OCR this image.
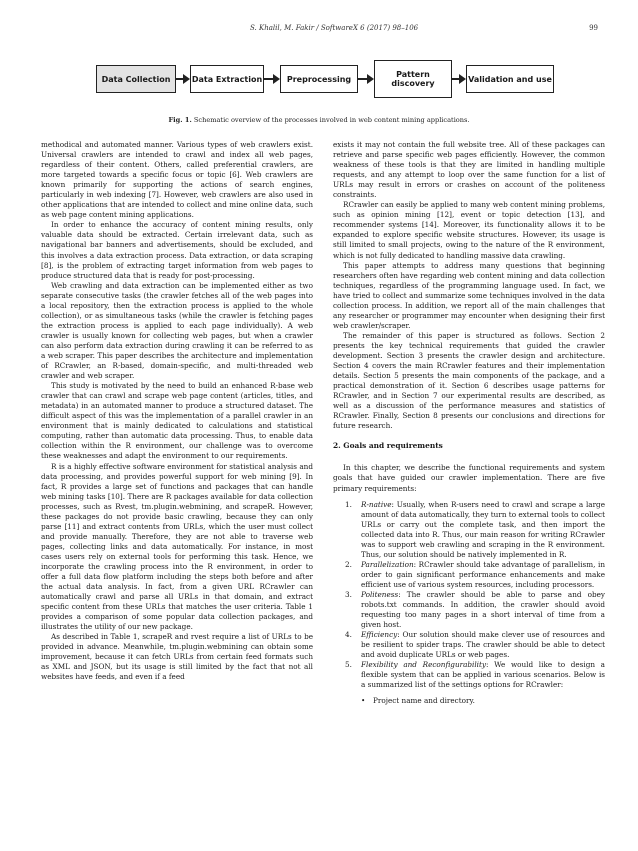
S. Khalil, M. Fakir / SoftwareX 6 (2017) 98–106	99
Data Collection	Data Extraction	Preprocessing	Pattern discovery	Validation and use
Fig. 1. Schematic overview of the processes involved in web content mining applications.

methodical and automated manner. Various types of web crawlers exist. Universal crawlers are intended to crawl and index all web pages, regardless of their content. Others, called preferential crawlers, are more targeted towards a specific focus or topic [6]. Web crawlers are known primarily for supporting the actions of search engines, particularly in web indexing [7]. However, web crawlers are also used in other applications that are intended to collect and mine online data, such as web page content mining applications.

In order to enhance the accuracy of content mining results, only valuable data should be extracted. Certain irrelevant data, such as navigational bar banners and advertisements, should be excluded, and this involves a data extraction process. Data extraction, or data scraping [8], is the problem of extracting target information from web pages to produce structured data that is ready for post-processing.

Web crawling and data extraction can be implemented either as two separate consecutive tasks (the crawler fetches all of the web pages into a local repository, then the extraction process is applied to the whole collection), or as simultaneous tasks (while the crawler is fetching pages the extraction process is applied to each page individually). A web crawler is usually known for collecting web pages, but when a crawler can also perform data extraction during crawling it can be referred to as a web scraper. This paper describes the architecture and implementation of RCrawler, an R-based, domain-specific, and multi-threaded web crawler and web scraper.

This study is motivated by the need to build an enhanced R-base web crawler that can crawl and scrape web page content (articles, titles, and metadata) in an automated manner to produce a structured dataset. The difficult aspect of this was the implementation of a parallel crawler in an environment that is mainly dedicated to calculations and statistical computing, rather than automatic data processing. Thus, to enable data collection within the R environment, our challenge was to overcome these weaknesses and adapt the environment to our requirements.

R is a highly effective software environment for statistical analysis and data processing, and provides powerful support for web mining [9]. In fact, R provides a large set of functions and packages that can handle web mining tasks [10]. There are R packages available for data collection processes, such as Rvest, tm.plugin.webmining, and scrapeR. However, these packages do not provide basic crawling, because they can only parse [11] and extract contents from URLs, which the user must collect and provide manually. Therefore, they are not able to traverse web pages, collecting links and data automatically. For instance, in most cases users rely on external tools for performing this task. Hence, we incorporate the crawling process into the R environment, in order to offer a full data flow platform including the steps both before and after the actual data analysis. In fact, from a given URL RCrawler can automatically crawl and parse all URLs in that domain, and extract specific content from these URLs that matches the user criteria. Table 1 provides a comparison of some popular data collection packages, and illustrates the utility of our new package.

As described in Table 1, scrapeR and rvest require a list of URLs to be provided in advance. Meanwhile, tm.plugin.webmining can obtain some improvement, because it can fetch URLs from certain feed formats such as XML and JSON, but its usage is still limited by the fact that not all websites have feeds, and even if a feed

exists it may not contain the full website tree. All of these packages can retrieve and parse specific web pages efficiently. However, the common weakness of these tools is that they are limited in handling multiple requests, and any attempt to loop over the same function for a list of URLs may result in errors or crashes on account of the politeness constraints.

RCrawler can easily be applied to many web content mining problems, such as opinion mining [12], event or topic detection [13], and recommender systems [14]. Moreover, its functionality allows it to be expanded to explore specific website structures. However, its usage is still limited to small projects, owing to the nature of the R environment, which is not fully dedicated to handling massive data crawling.

This paper attempts to address many questions that beginning researchers often have regarding web content mining and data collection techniques, regardless of the programming language used. In fact, we have tried to collect and summarize some techniques involved in the data collection process. In addition, we report all of the main challenges that any researcher or programmer may encounter when designing their first web crawler/scraper.

The remainder of this paper is structured as follows. Section 2 presents the key technical requirements that guided the crawler development. Section 3 presents the crawler design and architecture. Section 4 covers the main RCrawler features and their implementation details. Section 5 presents the main components of the package, and a practical demonstration of it. Section 6 describes usage patterns for RCrawler, and in Section 7 our experimental results are described, as well as a discussion of the performance measures and statistics of RCrawler. Finally, Section 8 presents our conclusions and directions for future research.

2. Goals and requirements

In this chapter, we describe the functional requirements and system goals that have guided our crawler implementation. There are five primary requirements:

1. R-native: Usually, when R-users need to crawl and scrape a large amount of data automatically, they turn to external tools to collect URLs or carry out the complete task, and then import the collected data into R. Thus, our main reason for writing RCrawler was to support web crawling and scraping in the R environment. Thus, our solution should be natively implemented in R.
2. Parallelization: RCrawler should take advantage of parallelism, in order to gain significant performance enhancements and make efficient use of various system resources, including processors.
3. Politeness: The crawler should be able to parse and obey robots.txt commands. In addition, the crawler should avoid requesting too many pages in a short interval of time from a given host.
4. Efficiency: Our solution should make clever use of resources and be resilient to spider traps. The crawler should be able to detect and avoid duplicate URLs or web pages.
5. Flexibility and Reconfigurability: We would like to design a flexible system that can be applied in various scenarios. Below is a summarized list of the settings options for RCrawler:
• Project name and directory.
